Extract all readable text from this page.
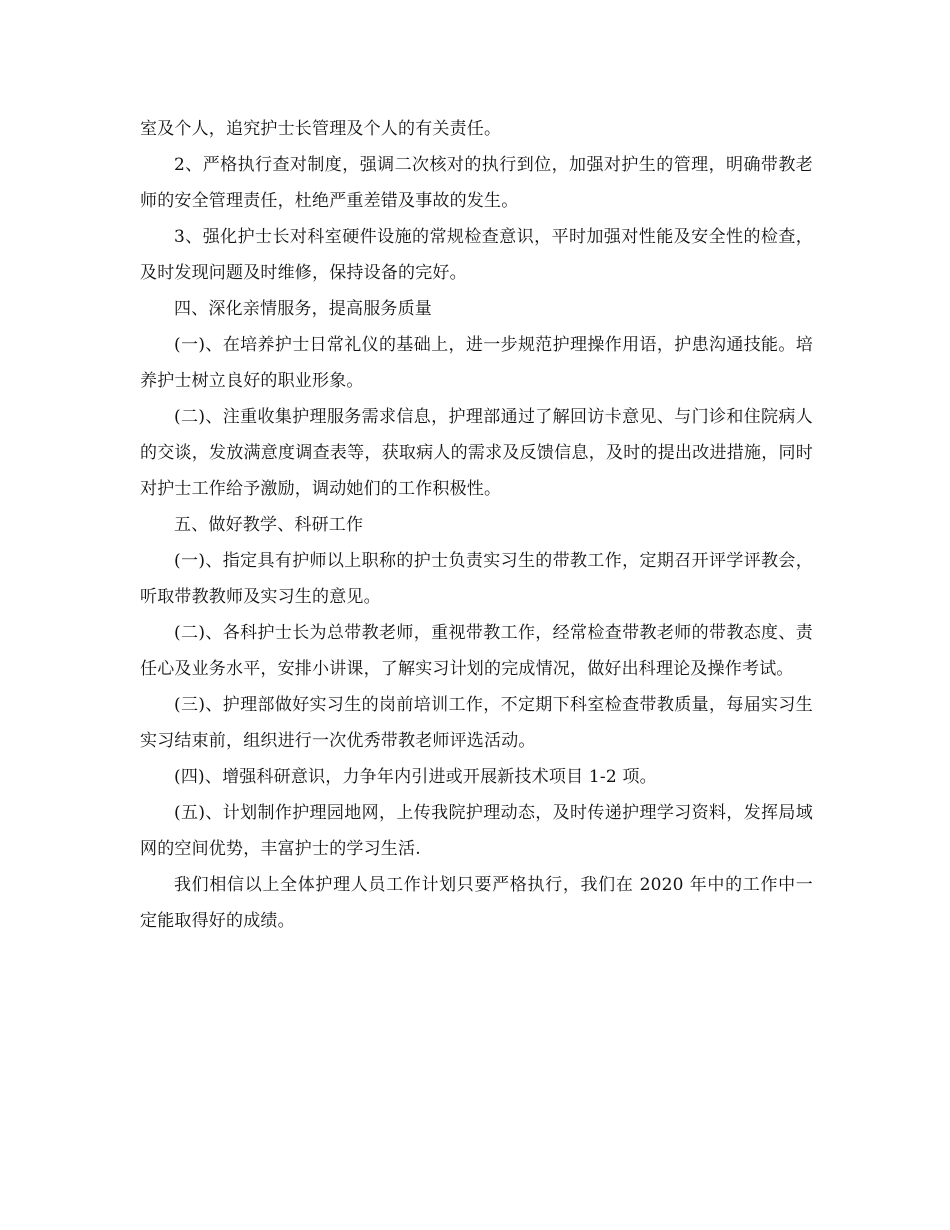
室及个人，追究护士长管理及个人的有关责任。

2、严格执行查对制度，强调二次核对的执行到位，加强对护生的管理，明确带教老师的安全管理责任，杜绝严重差错及事故的发生。

3、强化护士长对科室硬件设施的常规检查意识，平时加强对性能及安全性的检查，及时发现问题及时维修，保持设备的完好。

四、深化亲情服务，提高服务质量

(一)、在培养护士日常礼仪的基础上，进一步规范护理操作用语，护患沟通技能。培养护士树立良好的职业形象。

(二)、注重收集护理服务需求信息，护理部通过了解回访卡意见、与门诊和住院病人的交谈，发放满意度调查表等，获取病人的需求及反馈信息，及时的提出改进措施，同时对护士工作给予激励，调动她们的工作积极性。

五、做好教学、科研工作

(一)、指定具有护师以上职称的护士负责实习生的带教工作，定期召开评学评教会，听取带教教师及实习生的意见。

(二)、各科护士长为总带教老师，重视带教工作，经常检查带教老师的带教态度、责任心及业务水平，安排小讲课，了解实习计划的完成情况，做好出科理论及操作考试。

(三)、护理部做好实习生的岗前培训工作，不定期下科室检查带教质量，每届实习生实习结束前，组织进行一次优秀带教老师评选活动。

(四)、增强科研意识，力争年内引进或开展新技术项目 1-2 项。

(五)、计划制作护理园地网，上传我院护理动态，及时传递护理学习资料，发挥局域网的空间优势，丰富护士的学习生活.

我们相信以上全体护理人员工作计划只要严格执行，我们在 2020 年中的工作中一定能取得好的成绩。
